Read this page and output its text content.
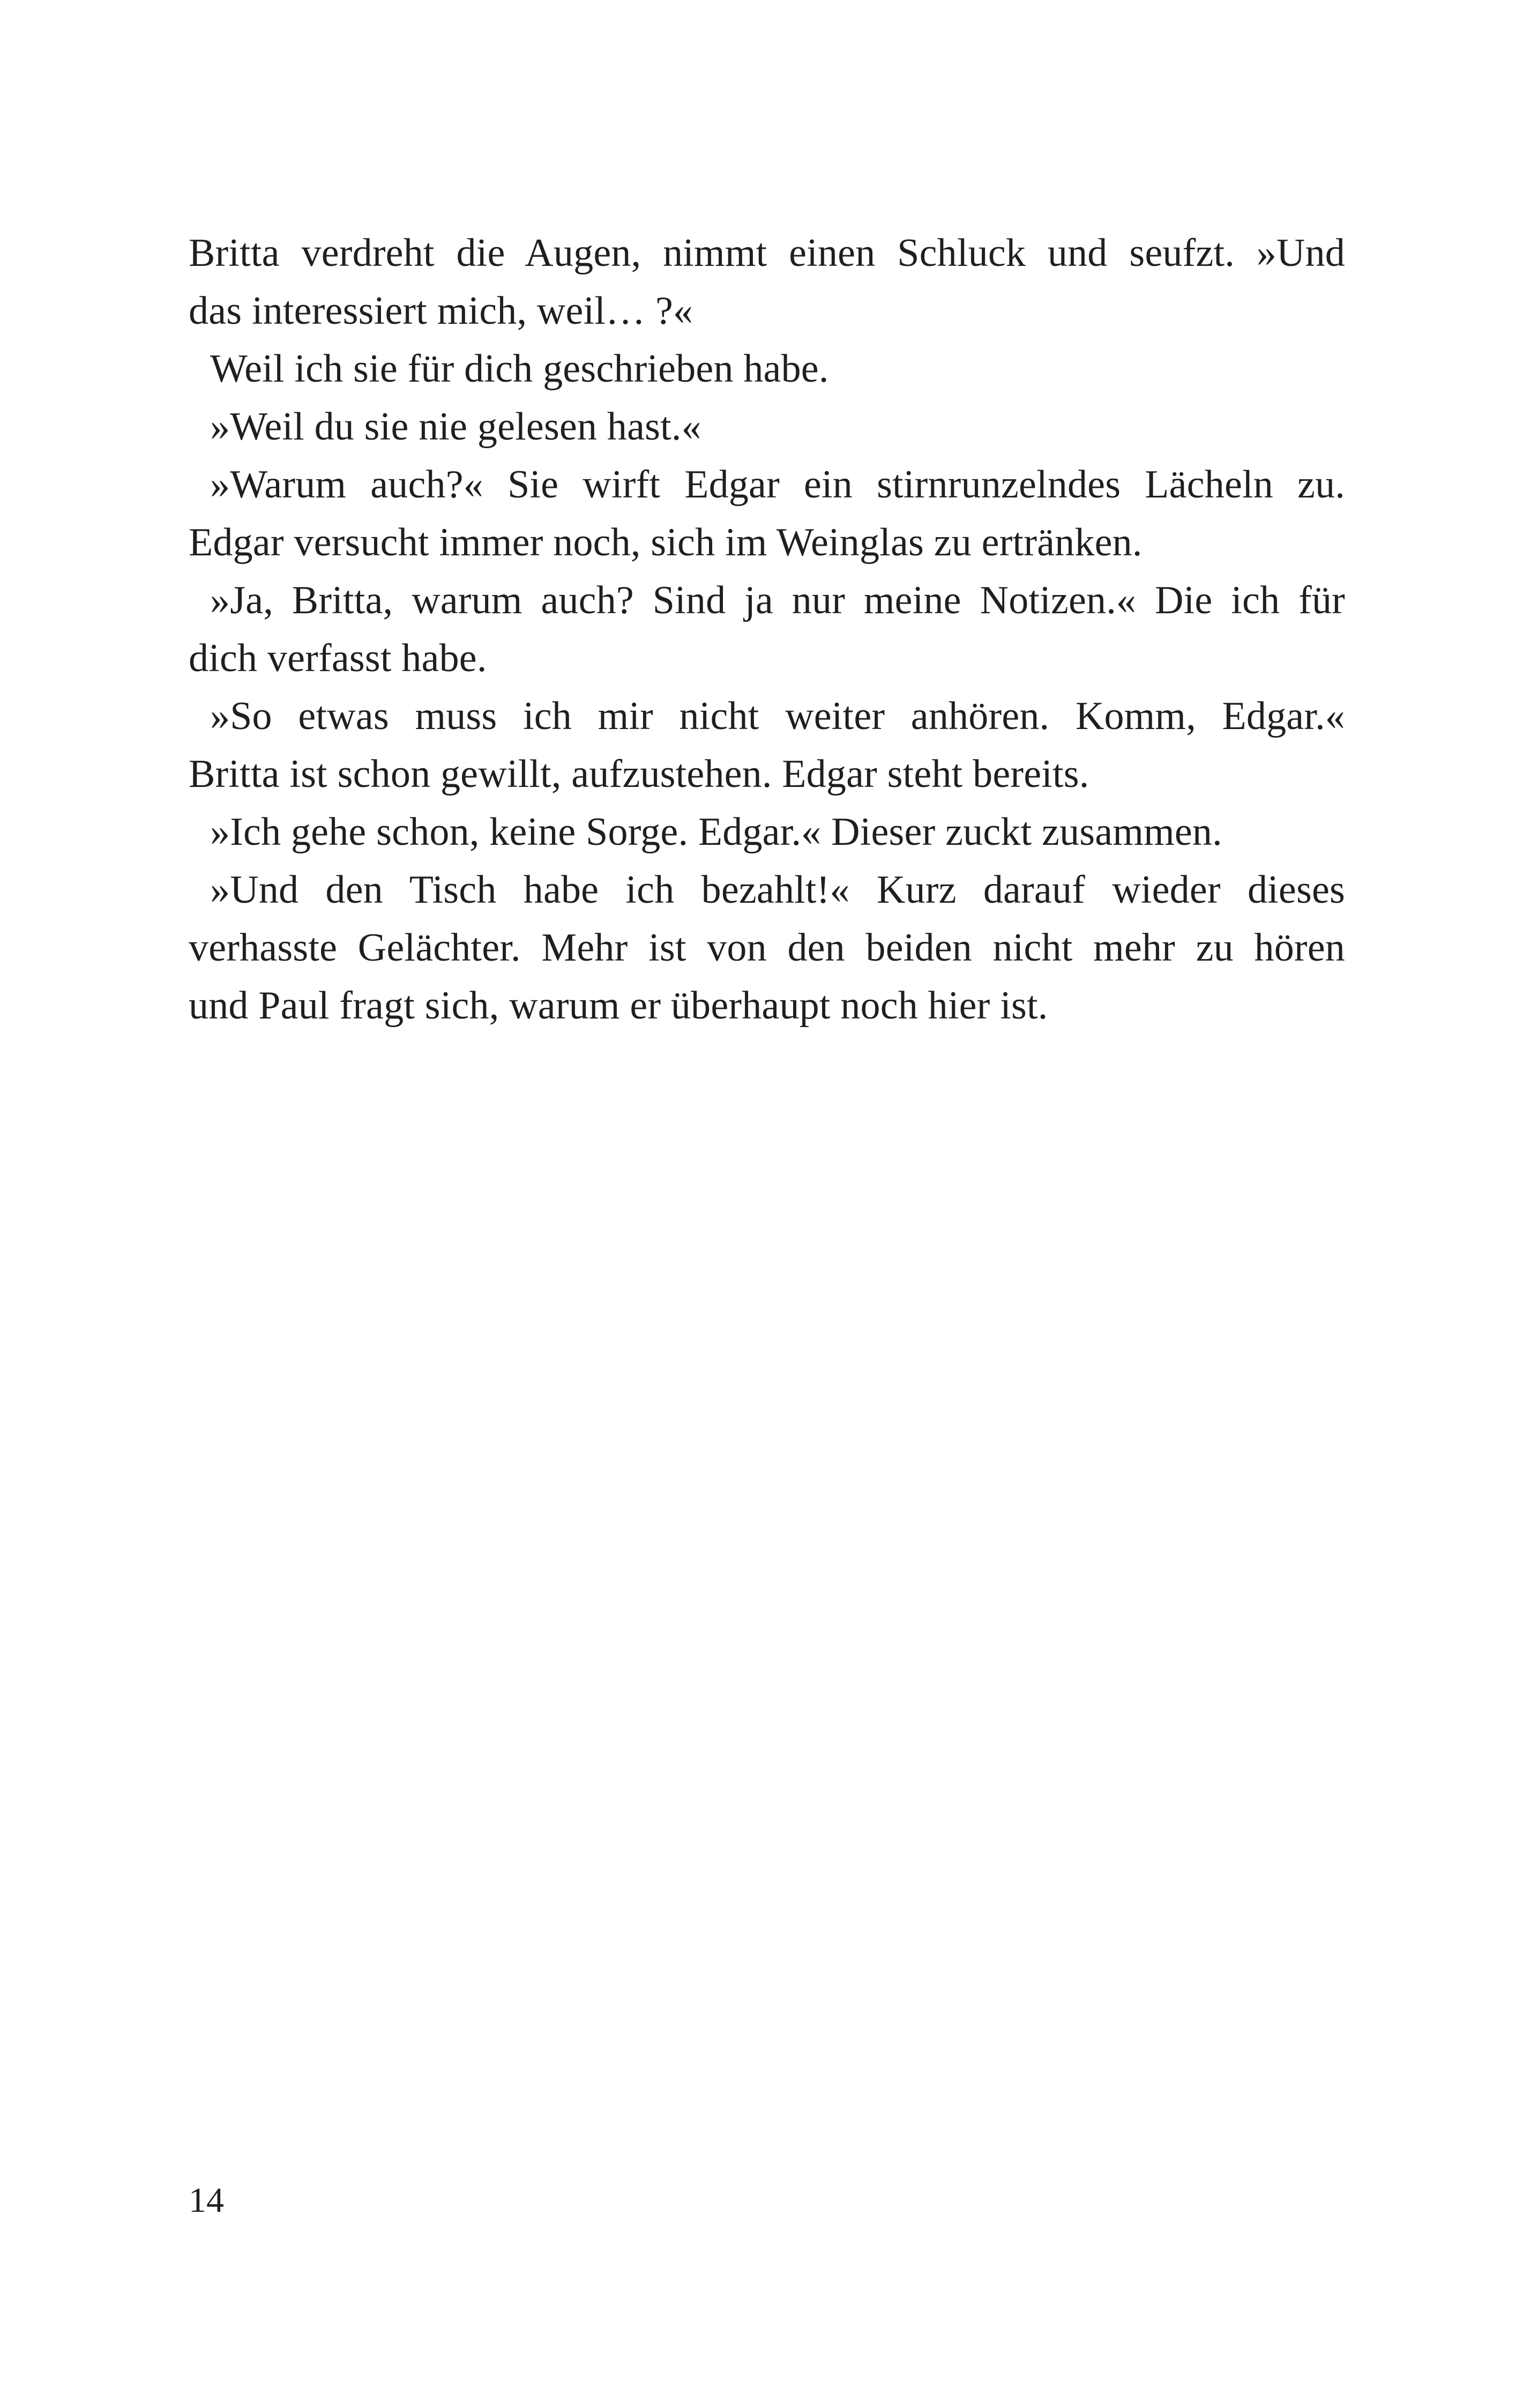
Britta verdreht die Augen, nimmt einen Schluck und seufzt. »Und
das interessiert mich, weil… ?«
Weil ich sie für dich geschrieben habe.
»Weil du sie nie gelesen hast.«
»Warum auch?« Sie wirft Edgar ein stirnrunzelndes Lächeln zu.
Edgar versucht immer noch, sich im Weinglas zu ertränken.
»Ja, Britta, warum auch? Sind ja nur meine Notizen.« Die ich für
dich verfasst habe.
»So etwas muss ich mir nicht weiter anhören. Komm, Edgar.«
Britta ist schon gewillt, aufzustehen. Edgar steht bereits.
»Ich gehe schon, keine Sorge. Edgar.« Dieser zuckt zusammen.
»Und den Tisch habe ich bezahlt!« Kurz darauf wieder dieses
verhasste Gelächter. Mehr ist von den beiden nicht mehr zu hören
und Paul fragt sich, warum er überhaupt noch hier ist.
14
